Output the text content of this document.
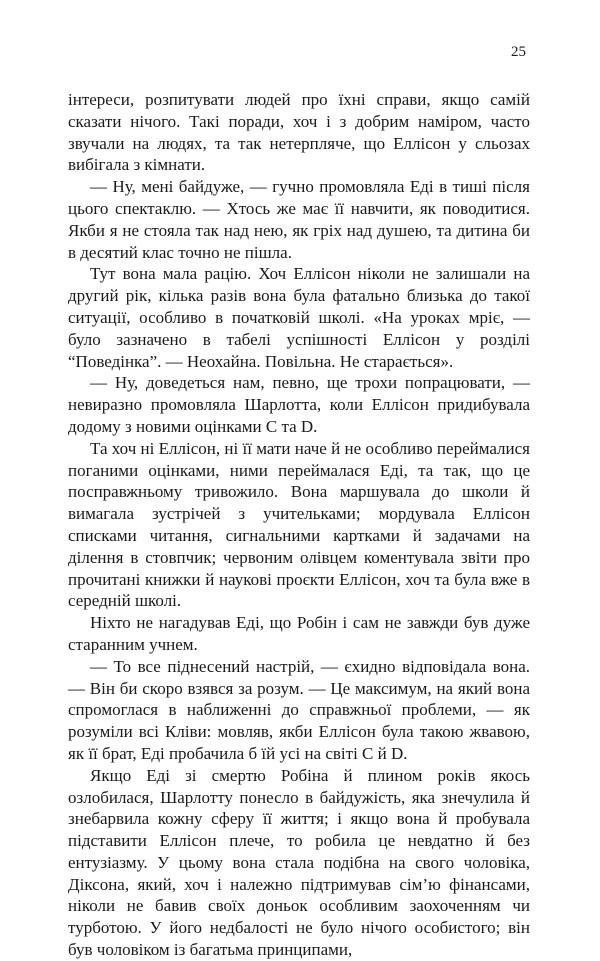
25

інтереси, розпитувати людей про їхні справи, якщо самій сказати нічого. Такі поради, хоч і з добрим наміром, часто звучали на людях, та так нетерпляче, що Еллісон у сльозах вибігала з кімнати.

— Ну, мені байдуже, — гучно промовляла Еді в тиші після цього спектаклю. — Хтось же має її навчити, як поводитися. Якби я не стояла так над нею, як гріх над душею, та дитина би в десятий клас точно не пішла.

Тут вона мала рацію. Хоч Еллісон ніколи не залишали на другий рік, кілька разів вона була фатально близька до такої ситуації, особливо в початковій школі. «На уроках мріє, — було зазначено в табелі успішності Еллісон у розділі “Поведінка”. — Неохайна. Повільна. Не старається».

— Ну, доведеться нам, певно, ще трохи попрацювати, — невиразно промовляла Шарлотта, коли Еллісон придибувала додому з новими оцінками C та D.

Та хоч ні Еллісон, ні її мати наче й не особливо переймалися поганими оцінками, ними переймалася Еді, та так, що це посправжньому тривожило. Вона маршувала до школи й вимагала зустрічей з учительками; мордувала Еллісон списками читання, сигнальними картками й задачами на ділення в стовпчик; червоним олівцем коментувала звіти про прочитані книжки й наукові проєкти Еллісон, хоч та була вже в середній школі.

Ніхто не нагадував Еді, що Робін і сам не завжди був дуже старанним учнем.

— То все піднесений настрій, — єхидно відповідала вона. — Він би скоро взявся за розум. — Це максимум, на який вона спромоглася в наближенні до справжньої проблеми, — як розуміли всі Кліви: мовляв, якби Еллісон була такою жвавою, як її брат, Еді пробачила б їй усі на світі C й D.

Якщо Еді зі смертю Робіна й плином років якось озлобилася, Шарлотту понесло в байдужість, яка знечулила й знебарвила кожну сферу її життя; і якщо вона й пробувала підставити Еллісон плече, то робила це невдатно й без ентузіазму. У цьому вона стала подібна на свого чоловіка, Діксона, який, хоч і належно підтримував сім’ю фінансами, ніколи не бавив своїх доньок особливим заохоченням чи турботою. У його недбалості не було нічого особистого; він був чоловіком із багатьма принципами,
